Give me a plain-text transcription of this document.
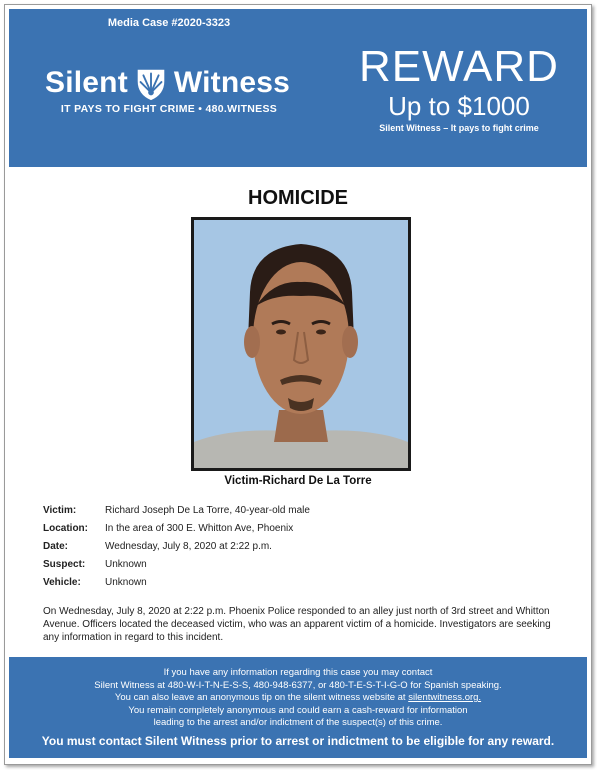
Media Case #2020-3323
Silent Witness
IT PAYS TO FIGHT CRIME • 480.WITNESS
REWARD
Up to $1000
Silent Witness – It pays to fight crime
HOMICIDE
Victim-Richard De La Torre
Victim:	Richard Joseph De La Torre, 40-year-old male
Location:	In the area of 300 E. Whitton Ave, Phoenix
Date:	Wednesday, July 8, 2020 at 2:22 p.m.
Suspect:	Unknown
Vehicle:	Unknown
On Wednesday, July 8, 2020 at 2:22 p.m. Phoenix Police responded to an alley just north of 3rd street and Whitton Avenue. Officers located the deceased victim, who was an apparent victim of a homicide. Investigators are seeking any information in regard to this incident.
If you have any information regarding this case you may contact
Silent Witness at 480-W-I-T-N-E-S-S, 480-948-6377, or 480-T-E-S-T-I-G-O for Spanish speaking.
You can also leave an anonymous tip on the silent witness website at silentwitness.org.
You remain completely anonymous and could earn a cash-reward for information
leading to the arrest and/or indictment of the suspect(s) of this crime.
You must contact Silent Witness prior to arrest or indictment to be eligible for any reward.
